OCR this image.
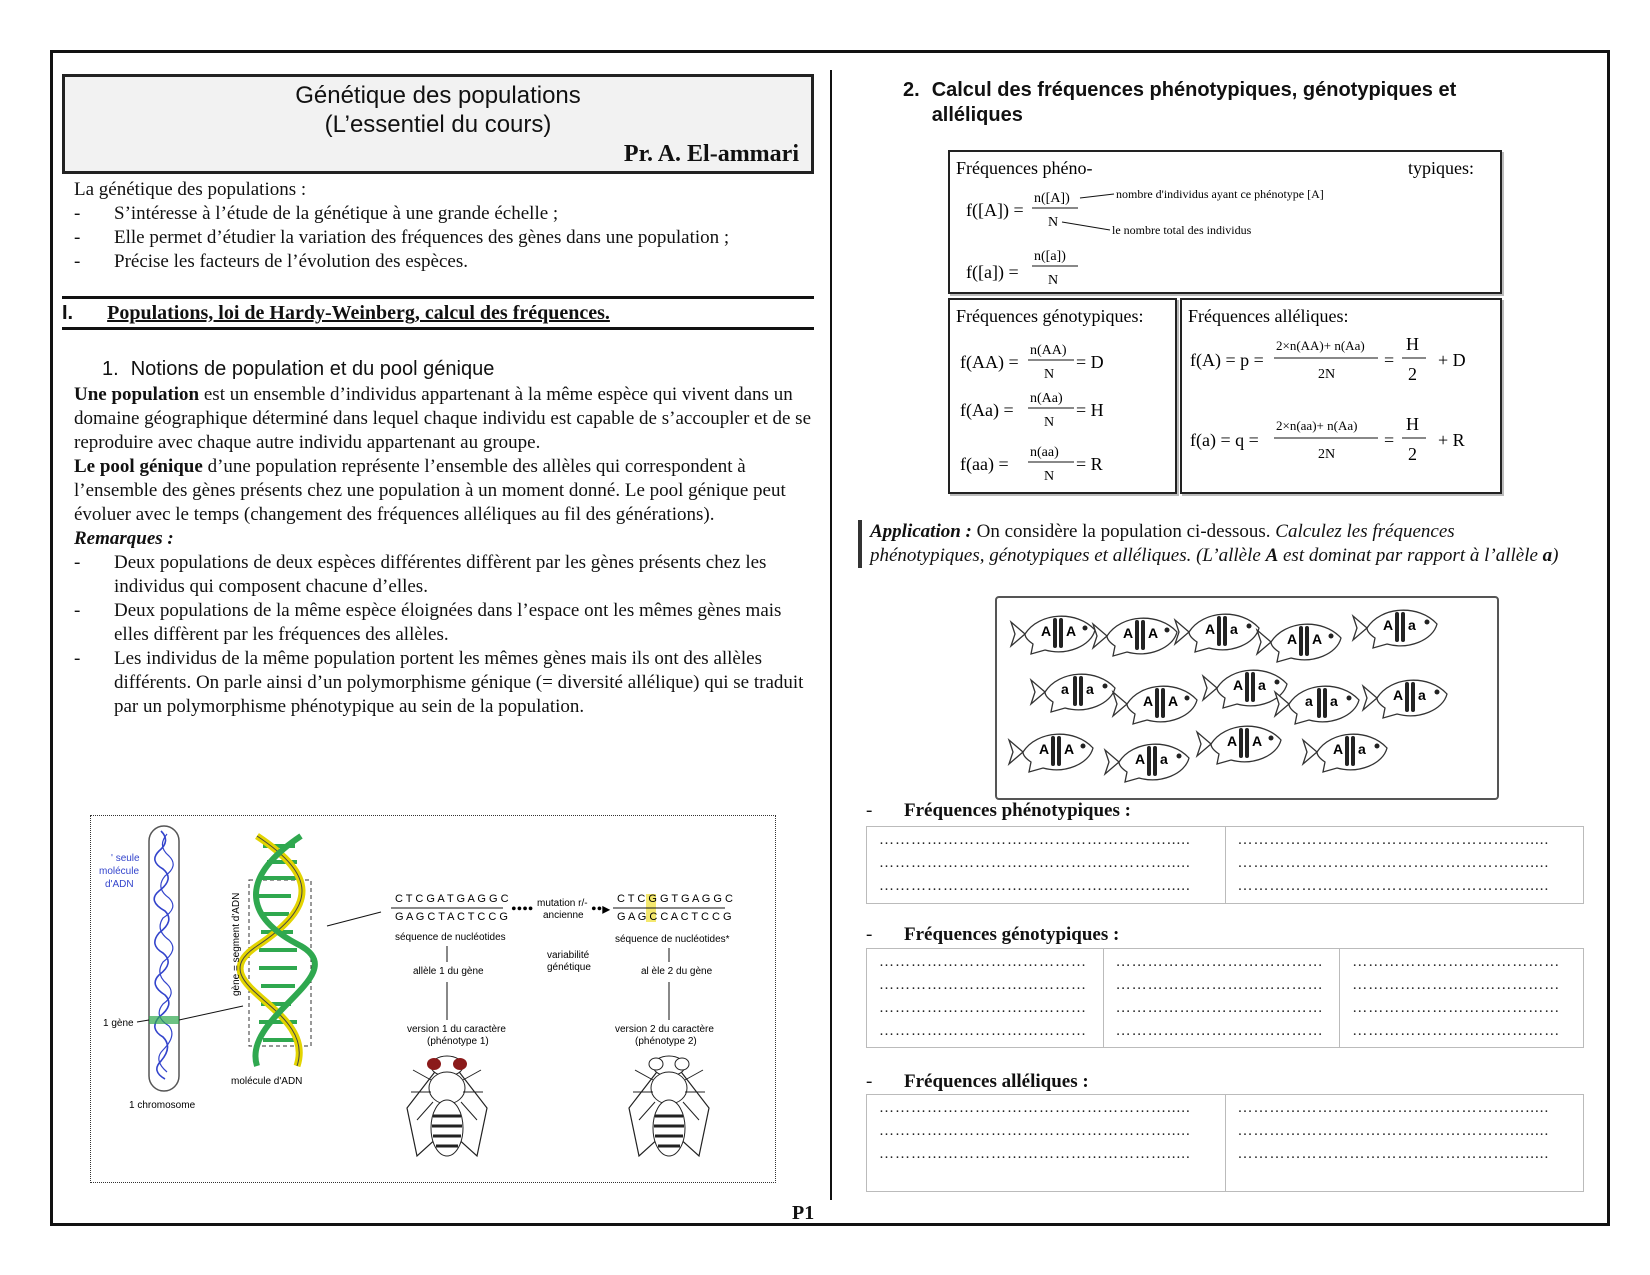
Génétique des populations
(L’essentiel du cours)
Pr. A. El-ammari
La génétique des populations :
- S’intéresse à l’étude de la génétique à une grande échelle ;
- Elle permet d’étudier la variation des fréquences des gènes dans une population ;
- Précise les facteurs de l’évolution des espèces.
I. Populations, loi de Hardy-Weinberg, calcul des fréquences.
1. Notions de population et du pool génique
Une population est un ensemble d’individus appartenant à la même espèce qui vivent dans un domaine géographique déterminé dans lequel chaque individu est capable de s’accoupler et de se reproduire avec chaque autre individu appartenant au groupe.
Le pool génique d’une population représente l’ensemble des allèles qui correspondent à l’ensemble des gènes présents chez une population à un moment donné. Le pool génique peut évoluer avec le temps (changement des fréquences alléliques au fil des générations).
Remarques :
- Deux populations de deux espèces différentes diffèrent par les gènes présents chez les individus qui composent chacune d’elles.
- Deux populations de la même espèce éloignées dans l’espace ont les mêmes gènes mais elles diffèrent par les fréquences des allèles.
- Les individus de la même population portent les mêmes gènes mais ils ont des allèles différents. On parle ainsi d’un polymorphisme génique (= diversité allélique) qui se traduit par un polymorphisme phénotypique au sein de la population.
' seule
molécule
d'ADN
1 gène
1 chromosome
gène = segment d'ADN
molécule d'ADN
C T C G A T G A G G C
G A G C T A C T C C G
séquence de nucléotides
allèle 1 du gène
version 1 du caractère
(phénotype 1)
•••• mutation r/-
ancienne ••▸
variabilité
génétique
C T C G G T G A G G C
G A G C C A C T C C G
séquence de nucléotides*
al èle 2 du gène
version 2 du caractère
(phénotype 2)
2. Calcul des fréquences phénotypiques, génotypiques et
alléliques
Fréquences phéno-	typiques:
f([A]) =
n([A])
N
nombre d'individus ayant ce phénotype [A]
le nombre total des individus
f([a]) =
n([a])
N
Fréquences génotypiques:
f(AA) =
n(AA)
N
= D
f(Aa) =
n(Aa)
N
= H
f(aa) =
n(aa)
N
= R
Fréquences alléliques:
f(A) = p =
2×n(AA)+ n(Aa)
2N
=
H
2
+ D
f(a) = q =
2×n(aa)+ n(Aa)
2N
=
H
2
+ R
Application : On considère la population ci-dessous. Calculez les fréquences phénotypiques, génotypiques et alléliques. (L’allèle A est dominat par rapport à l’allèle a)
A A	A A	A a
A A
A a
a a
A A
A a
a a	A a
A A
A a
A A	A a
- Fréquences phénotypiques :
……………………………………………….....
……………………………………………….....
……………………………………………….....

……………………………………………….....
……………………………………………….....
……………………………………………….....
- Fréquences génotypiques :
…………………………………
…………………………………
…………………………………
…………………………………

…………………………………
…………………………………
…………………………………
…………………………………

…………………………………
…………………………………
…………………………………
…………………………………
- Fréquences alléliques :
……………………………………………….....
……………………………………………….....
……………………………………………….....

……………………………………………….....
……………………………………………….....
……………………………………………….....
P1
